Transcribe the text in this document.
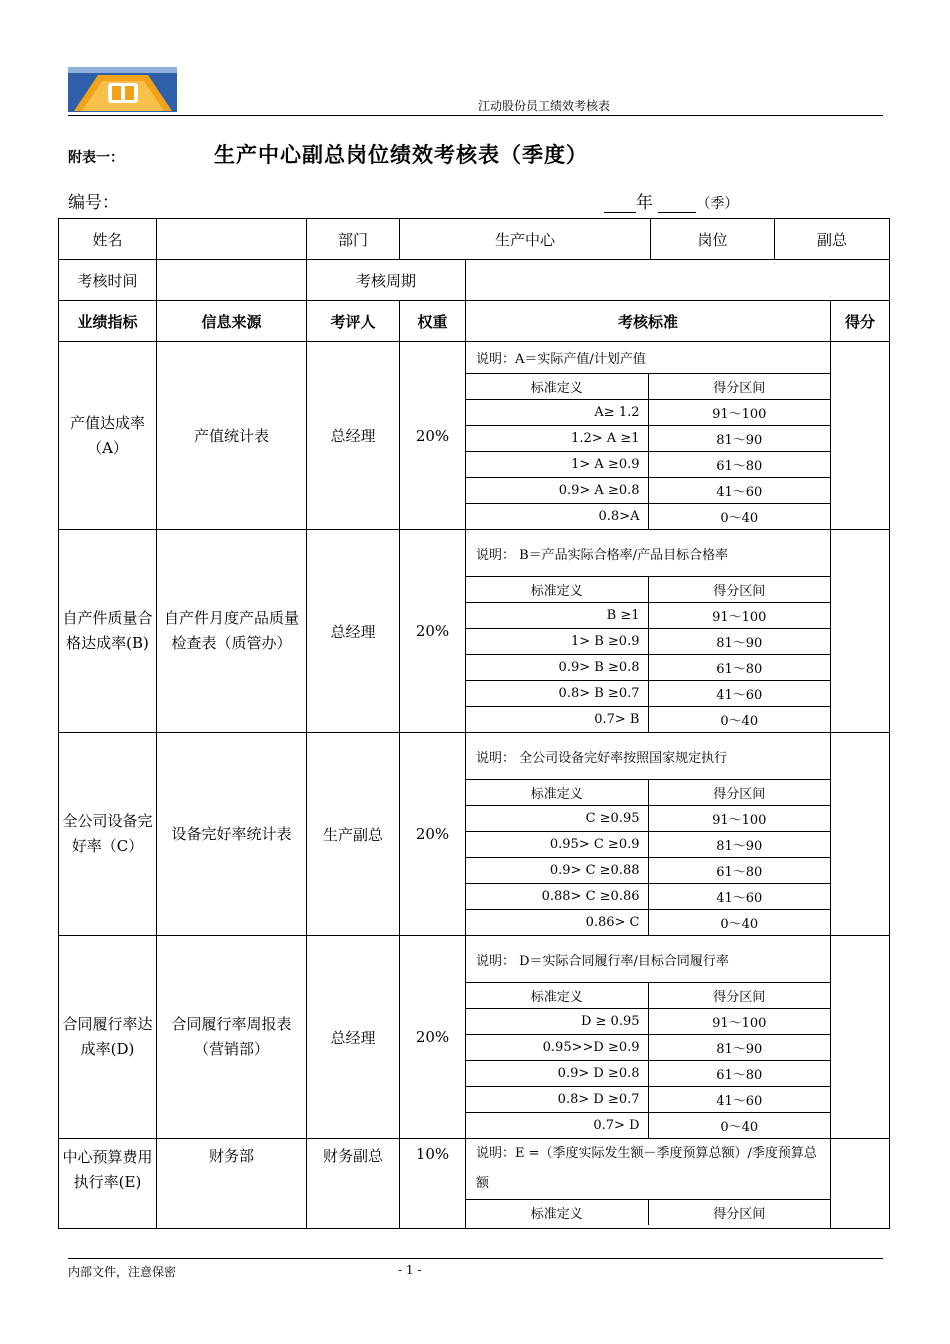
江动股份员工绩效考核表
附表一：	生产中心副总岗位绩效考核表（季度）
编号：	年	（季）
姓名		部门	生产中心	岗位	副总
考核时间		考核周期	
业绩指标	信息来源	考评人	权重	考核标准	得分
产值达成率（A）	产值统计表	总经理	20%	
说明：A＝实际产值/计划产值
标准定义	得分区间
A≥ 1.2	91～100
1.2> A ≥1	81～90
1> A ≥0.9	61～80
0.9> A ≥0.8	41～60
0.8>A	0～40

自产件质量合格达成率(B)	自产件月度产品质量检查表（质管办）	总经理	20%	
说明： B＝产品实际合格率/产品目标合格率
标准定义	得分区间
B ≥1	91～100
1> B ≥0.9	81～90
0.9> B ≥0.8	61～80
0.8> B ≥0.7	41～60
0.7> B	0～40

全公司设备完好率（C）	设备完好率统计表	生产副总	20%	
说明： 全公司设备完好率按照国家规定执行
标准定义	得分区间
C ≥0.95	91～100
0.95> C ≥0.9	81～90
0.9> C ≥0.88	61～80
0.88> C ≥0.86	41～60
0.86> C	0～40

合同履行率达成率(D)	合同履行率周报表（营销部）	总经理	20%	
说明： D＝实际合同履行率/目标合同履行率
标准定义	得分区间
D ≥ 0.95	91～100
0.95>>D ≥0.9	81～90
0.9> D ≥0.8	61～80
0.8> D ≥0.7	41～60
0.7> D	0～40

中心预算费用执行率(E)	财务部	财务副总	10%	说明：E =（季度实际发生额－季度预算总额）/季度预算总额
标准定义	得分区间

内部文件，注意保密	- 1 -
